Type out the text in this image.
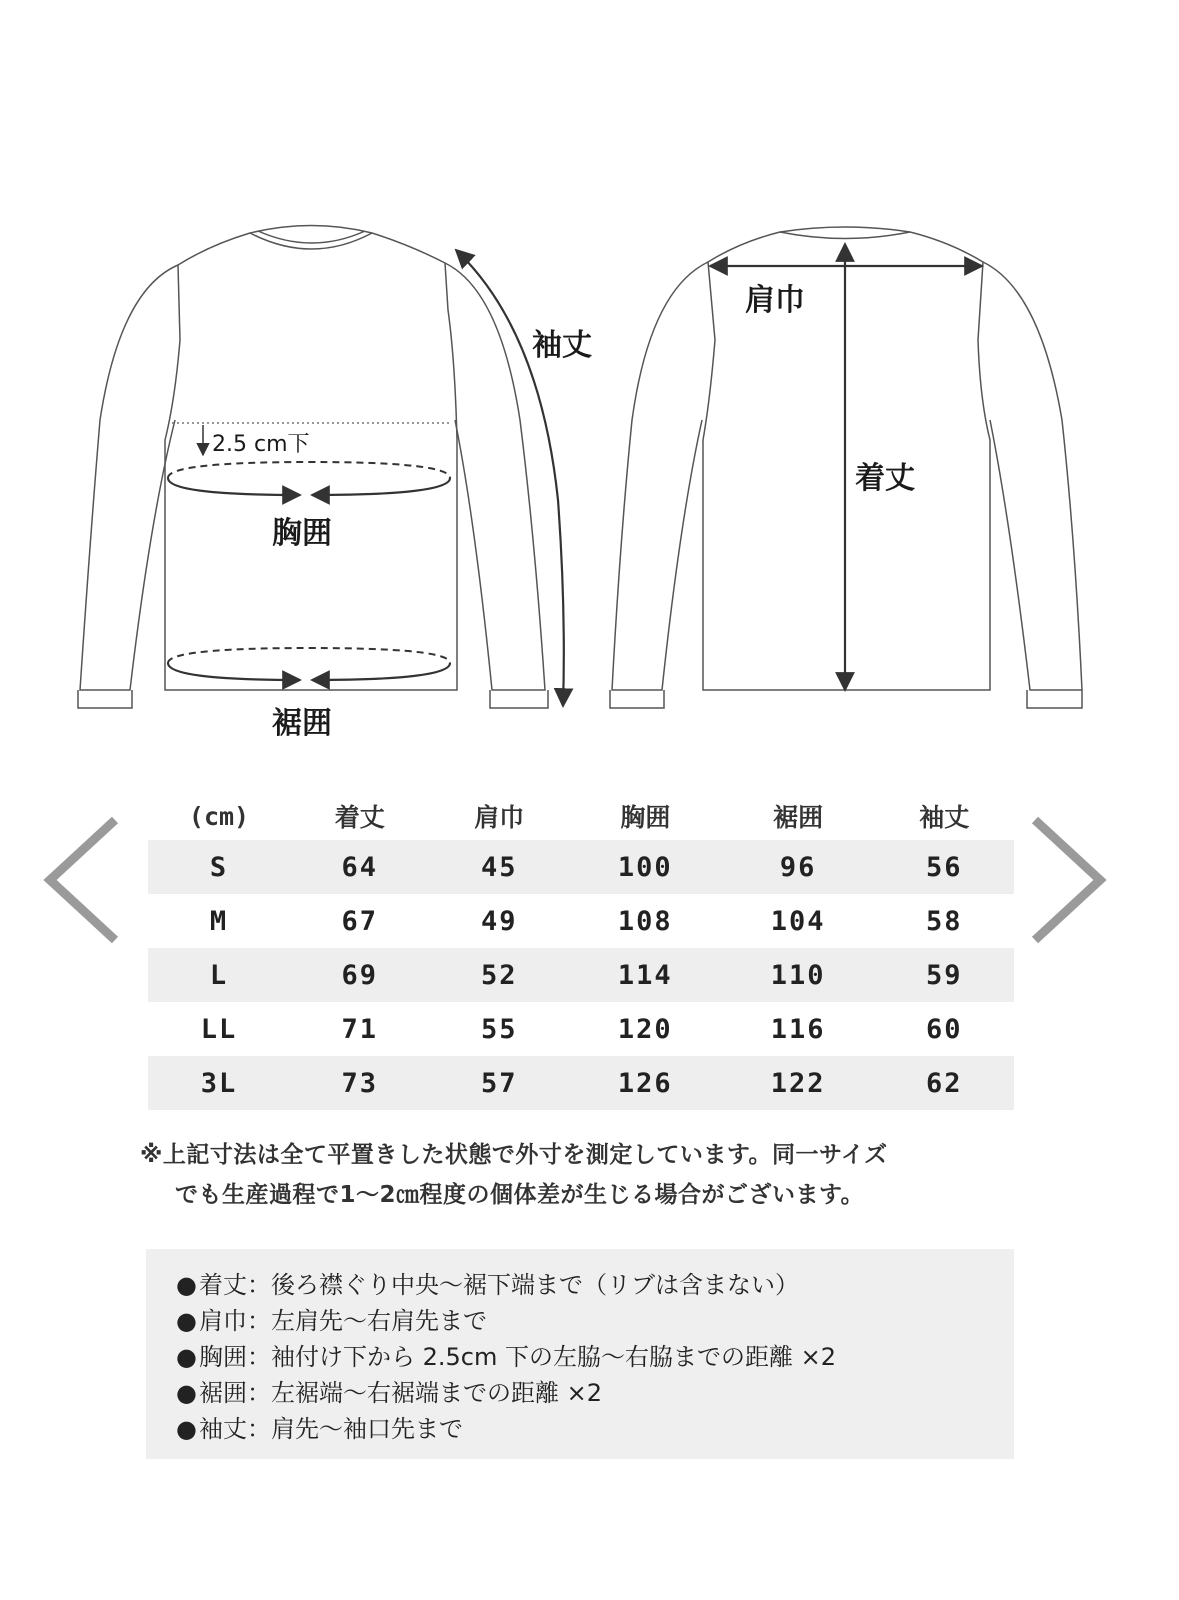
2.5 cm下
胸囲
裾囲
袖丈
肩巾
着丈
(cm)	着丈	肩巾	胸囲	裾囲	袖丈
S	64	45	100	96	56
M	67	49	108	104	58
L	69	52	114	110	59
LL	71	55	120	116	60
3L	73	57	126	122	62
※上記寸法は全て平置きした状態で外寸を測定しています。同一サイズ
でも生産過程で1～2㎝程度の個体差が生じる場合がございます。
● 着丈：後ろ襟ぐり中央～裾下端まで（リブは含まない）
● 肩巾：左肩先～右肩先まで
● 胸囲：袖付け下から 2.5cm 下の左脇～右脇までの距離 ×2
● 裾囲：左裾端～右裾端までの距離 ×2
● 袖丈：肩先～袖口先まで
